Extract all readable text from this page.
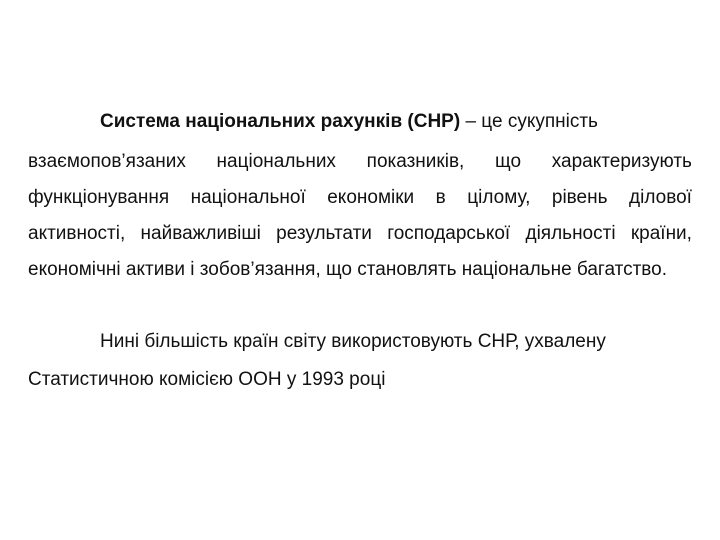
Система національних рахунків (СНР) – це сукупність
взаємопов’язаних національних показників, що характеризують
функціонування національної економіки в цілому, рівень ділової
активності, найважливіші результати господарської діяльності країни,
економічні активи і зобов’язання, що становлять національне багатство.
Нині більшість країн світу використовують СНР, ухвалену
Статистичною комісією ООН у 1993 році
